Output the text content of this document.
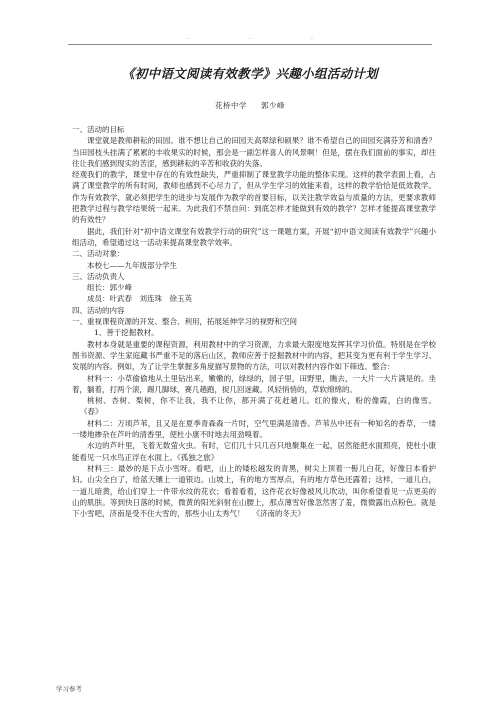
.	.	.
《初中语文阅读有效教学》兴趣小组活动计划
花桥中学 郭少峰

一、活动的目标

课堂就是教师耕耘的田园。谁不想让自己的田园天高翠绿和硕果？谁不希望自己的田园充满芬芳和清香？当田园枝头挂满了累累的丰收果实的时候，那会是一副怎样喜人的风景啊！但是，摆在我们面前的事实，却往往让我们感到现实的苦涩，感到耕耘的辛苦和收获的失落。

经观我们的教学，课堂中存在的有效性缺失，严重抑制了课堂教学功能的整体实现。这样的教学表面上看，占满了课堂教学的所有时间，教师也感到不心尽力了，但从学生学习的效能来看，这样的教学恰恰是低效教学。作为有效教学，就必须把学生的进步与发展作为教学的首要目标，以关注教学效益与质量的方法，更要求教师把教学过程与教学结果统一起来。为此我们不禁自问：到底怎样才能做到有效的教学？怎样才能提高课堂教学的有效性？

据此，我们针对“初中语文课堂有效教学行动的研究”这一课题方案，开展“初中语文阅读有效教学”兴趣小组活动，希望通过这一活动来提高课堂教学效率。

二、活动对象：

本校七——九年级部分学生

三、活动负责人

组长：郭少峰

成员：叶武春　刘连珠　徐玉英

四、活动的内容

一、重视课程资源的开发、整合、利用，拓展延伸学习的视野和空间

1、善于挖掘教材。

教材本身就是重要的课程资源，利用教材中的学习资源，力求最大限度地发挥其学习价值。特别是在学校图书资源、学生家庭藏书严重不足的落后山区，教师应善于挖掘教材中的内容，把其变为更有利于学生学习、发展的内容。例如，为了让学生掌握多角度描写景物的方法，可以对教材内容作如下筛选、整合：

材料一：小草偷偷地从土里钻出来，嫩嫩的，绿绿的，园子里，田野里，瞧去，一大片一大片满是的。坐着，躺着，打两个滚，踢几脚球，赛几趟跑，捉几回迷藏。风轻悄悄的，草软绵绵的。

桃树、杏树、梨树，你不让我，我不让你，都开满了花赶趟儿。红的像火，粉的像霞，白的像雪。《春》

材料二：万顷芦苇，且又是在夏季青森森一片时，空气里满是清香。芦苇丛中还有一种知名的香草，一缕一缕地掺杂在芦叶的清香里，使杜小康不时地去用劲嗅着。

水边的芦叶里，飞着无数萤火虫。有时，它们几十只几百只地聚集在一起，居然能把水面照亮，使杜小康能看见一只水鸟正浮在水面上。《孤独之旅》

材料三：最妙的是下点小雪呀。看吧，山上的矮松越发的青黑，树尖上顶着一髻儿白花，好像日本看护妇。山尖全白了，给蓝天镶上一道银边。山坡上，有的地方雪厚点，有的地方草色还露着；这样，一道儿白，一道儿暗黄，给山们穿上一件带水纹的花衣；看着看着，这件花衣好像被风儿吹动，叫你希望看见一点更美的山的肌肤。等到快日落的时候，微黄的阳光斜射在山腰上，那点薄雪好像忽然害了羞，微微露出点粉色。就是下小雪吧，济南是受不住大雪的，那些小山太秀气！ 《济南的冬天》

学习参考
